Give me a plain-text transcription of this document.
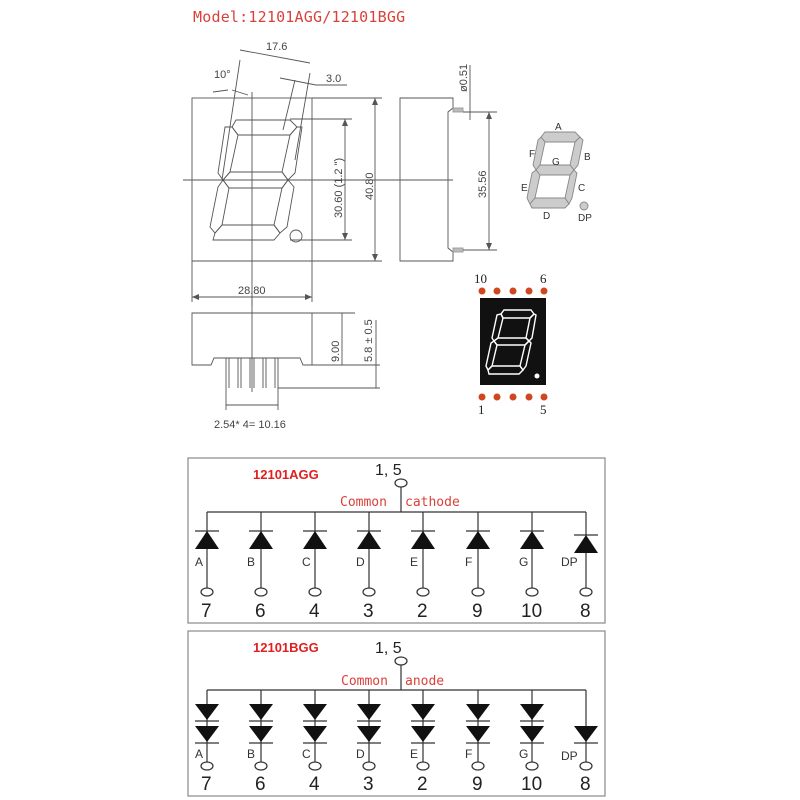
Model:12101AGG/12101BGG
17.6
10°	3.0
30.60 (1.2 ") 40.80
28.80
ø0.51
35.56
9.00 5.8 ± 0.5
2.54* 4= 10.16
A
B
C
D
E
F
G
DP
10	6
1	5
12101AGG	1, 5
Common cathode
A	B	C	D	E	F	G	DP
7 6 4 3 2 9 10 8
12101BGG	1, 5
Common anode
A	B	C	D	E	F	G	DP
7 6 4 3 2 9 10 8
